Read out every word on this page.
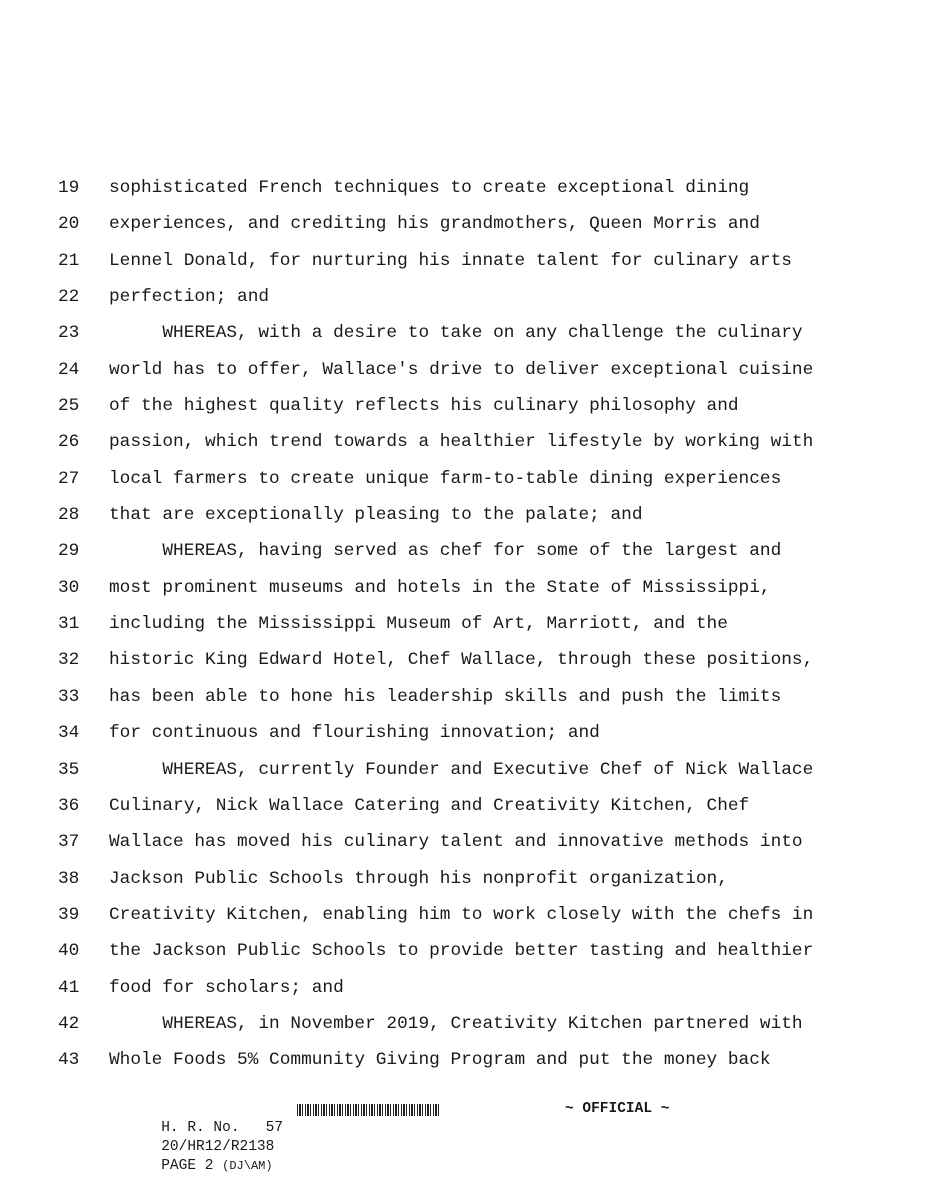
19	sophisticated French techniques to create exceptional dining
20	experiences, and crediting his grandmothers, Queen Morris and
21	Lennel Donald, for nurturing his innate talent for culinary arts
22	perfection; and
23	WHEREAS, with a desire to take on any challenge the culinary
24	world has to offer, Wallace's drive to deliver exceptional cuisine
25	of the highest quality reflects his culinary philosophy and
26	passion, which trend towards a healthier lifestyle by working with
27	local farmers to create unique farm-to-table dining experiences
28	that are exceptionally pleasing to the palate; and
29	WHEREAS, having served as chef for some of the largest and
30	most prominent museums and hotels in the State of Mississippi,
31	including the Mississippi Museum of Art, Marriott, and the
32	historic King Edward Hotel, Chef Wallace, through these positions,
33	has been able to hone his leadership skills and push the limits
34	for continuous and flourishing innovation; and
35	WHEREAS, currently Founder and Executive Chef of Nick Wallace
36	Culinary, Nick Wallace Catering and Creativity Kitchen, Chef
37	Wallace has moved his culinary talent and innovative methods into
38	Jackson Public Schools through his nonprofit organization,
39	Creativity Kitchen, enabling him to work closely with the chefs in
40	the Jackson Public Schools to provide better tasting and healthier
41	food for scholars; and
42	WHEREAS, in November 2019, Creativity Kitchen partnered with
43	Whole Foods 5% Community Giving Program and put the money back

H. R. No.   57

~ OFFICIAL ~

20/HR12/R2138

PAGE 2 (DJ\AM)
